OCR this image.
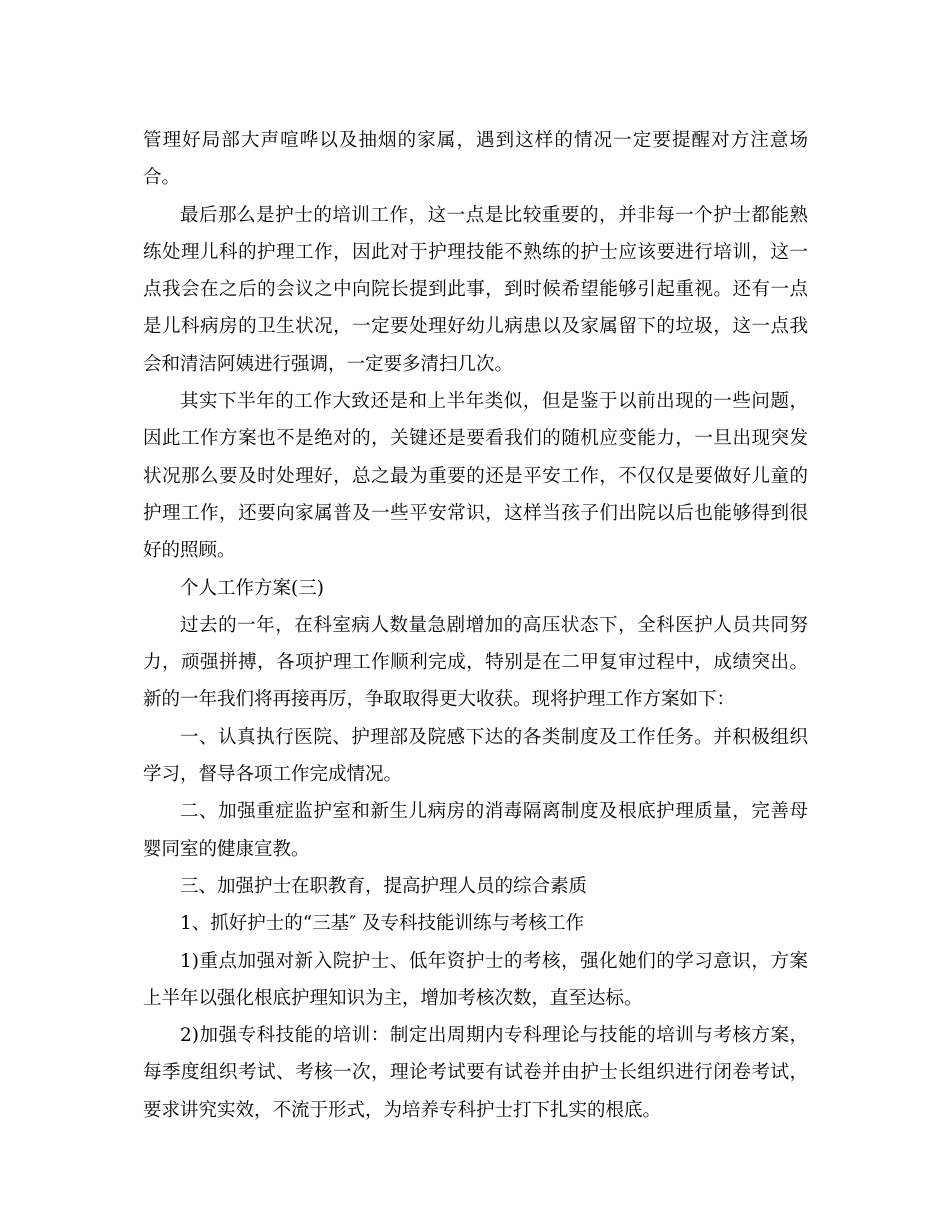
管理好局部大声喧哗以及抽烟的家属，遇到这样的情况一定要提醒对方注意场合。

最后那么是护士的培训工作，这一点是比较重要的，并非每一个护士都能熟练处理儿科的护理工作，因此对于护理技能不熟练的护士应该要进行培训，这一点我会在之后的会议之中向院长提到此事，到时候希望能够引起重视。还有一点是儿科病房的卫生状况，一定要处理好幼儿病患以及家属留下的垃圾，这一点我会和清洁阿姨进行强调，一定要多清扫几次。

其实下半年的工作大致还是和上半年类似，但是鉴于以前出现的一些问题，因此工作方案也不是绝对的，关键还是要看我们的随机应变能力，一旦出现突发状况那么要及时处理好，总之最为重要的还是平安工作，不仅仅是要做好儿童的护理工作，还要向家属普及一些平安常识，这样当孩子们出院以后也能够得到很好的照顾。

个人工作方案(三)

过去的一年，在科室病人数量急剧增加的高压状态下，全科医护人员共同努力，顽强拼搏，各项护理工作顺利完成，特别是在二甲复审过程中，成绩突出。新的一年我们将再接再厉，争取取得更大收获。现将护理工作方案如下：

一、认真执行医院、护理部及院感下达的各类制度及工作任务。并积极组织学习，督导各项工作完成情况。

二、加强重症监护室和新生儿病房的消毒隔离制度及根底护理质量，完善母婴同室的健康宣教。

三、加强护士在职教育，提高护理人员的综合素质

1、抓好护士的“三基″ 及专科技能训练与考核工作

1)重点加强对新入院护士、低年资护士的考核，强化她们的学习意识，方案上半年以强化根底护理知识为主，增加考核次数，直至达标。

2)加强专科技能的培训：制定出周期内专科理论与技能的培训与考核方案，每季度组织考试、考核一次，理论考试要有试卷并由护士长组织进行闭卷考试，要求讲究实效，不流于形式，为培养专科护士打下扎实的根底。
